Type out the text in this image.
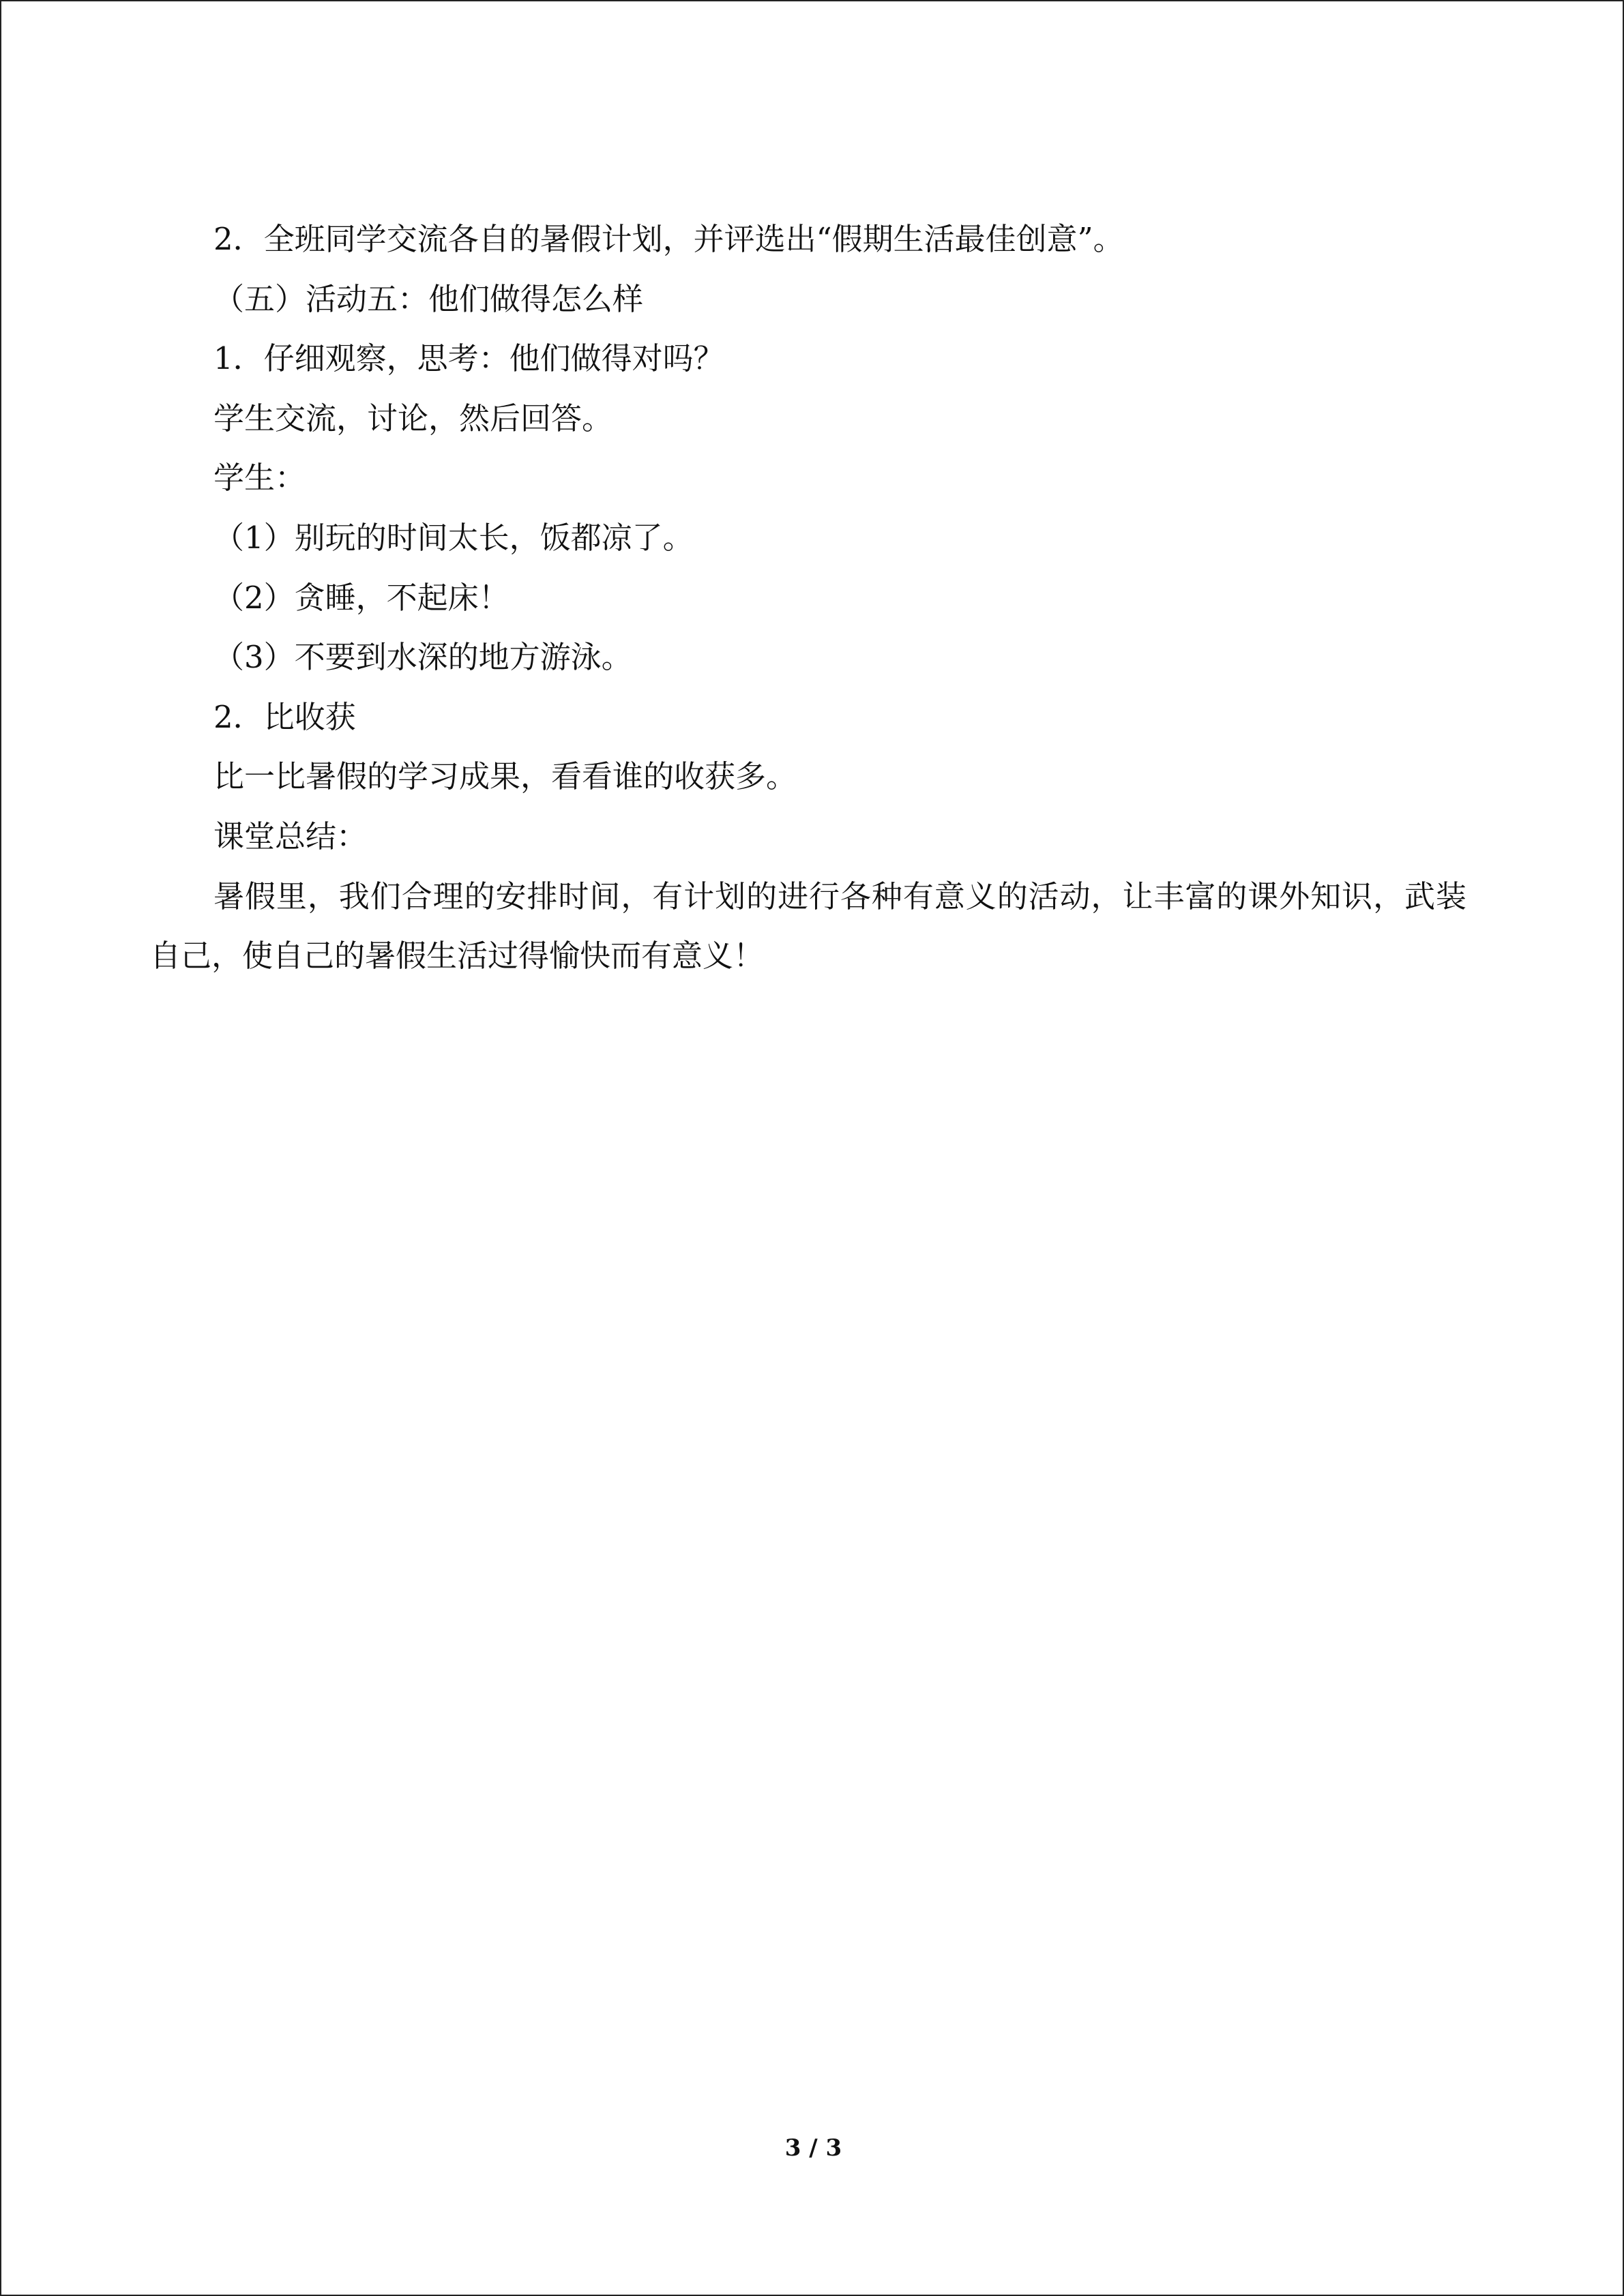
2．全班同学交流各自的暑假计划，并评选出“假期生活最佳创意”。

（五）活动五：他们做得怎么样

1．仔细观察，思考：他们做得对吗？

学生交流，讨论，然后回答。

学生：

（1）别玩的时间太长，饭都凉了。

（2）贪睡，不起床！

（3）不要到水深的地方游泳。

2．比收获

比一比暑假的学习成果，看看谁的收获多。

课堂总结：

暑假里，我们合理的安排时间，有计划的进行各种有意义的活动，让丰富的课外知识，武装自己，使自己的暑假生活过得愉快而有意义！

3 / 3
